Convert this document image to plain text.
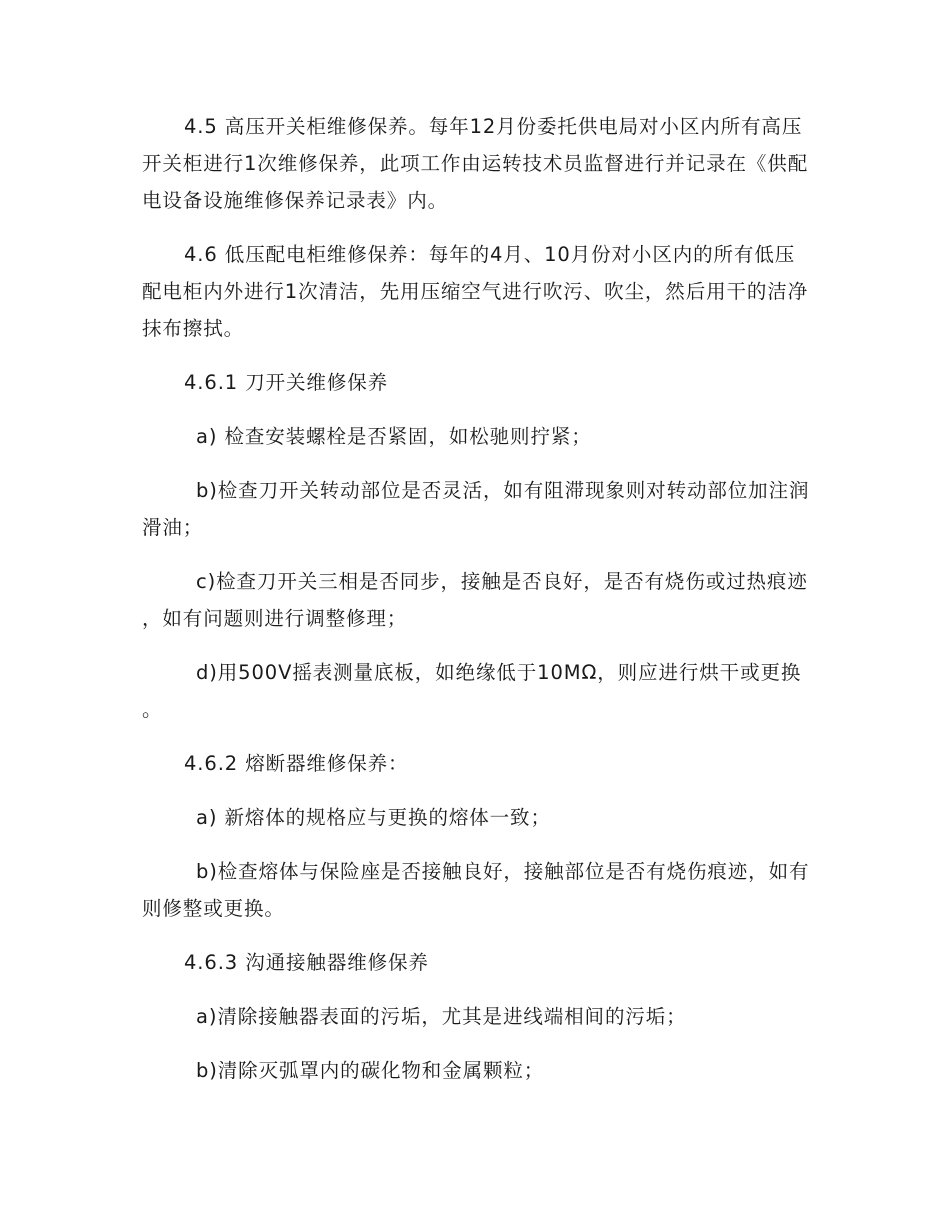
4.5 高压开关柜维修保养。每年12月份委托供电局对小区内所有高压开关柜进行1次维修保养，此项工作由运转技术员监督进行并记录在《供配电设备设施维修保养记录表》内。

4.6 低压配电柜维修保养：每年的4月、10月份对小区内的所有低压配电柜内外进行1次清洁，先用压缩空气进行吹污、吹尘，然后用干的洁净抹布擦拭。

4.6.1 刀开关维修保养

a) 检查安装螺栓是否紧固，如松驰则拧紧；

b)检查刀开关转动部位是否灵活，如有阻滞现象则对转动部位加注润滑油；

c)检查刀开关三相是否同步，接触是否良好，是否有烧伤或过热痕迹，如有问题则进行调整修理；

d)用500V摇表测量底板，如绝缘低于10MΩ，则应进行烘干或更换。

4.6.2 熔断器维修保养：

a) 新熔体的规格应与更换的熔体一致；

b)检查熔体与保险座是否接触良好，接触部位是否有烧伤痕迹，如有则修整或更换。

4.6.3 沟通接触器维修保养

a)清除接触器表面的污垢，尤其是进线端相间的污垢；

b)清除灭弧罩内的碳化物和金属颗粒；
